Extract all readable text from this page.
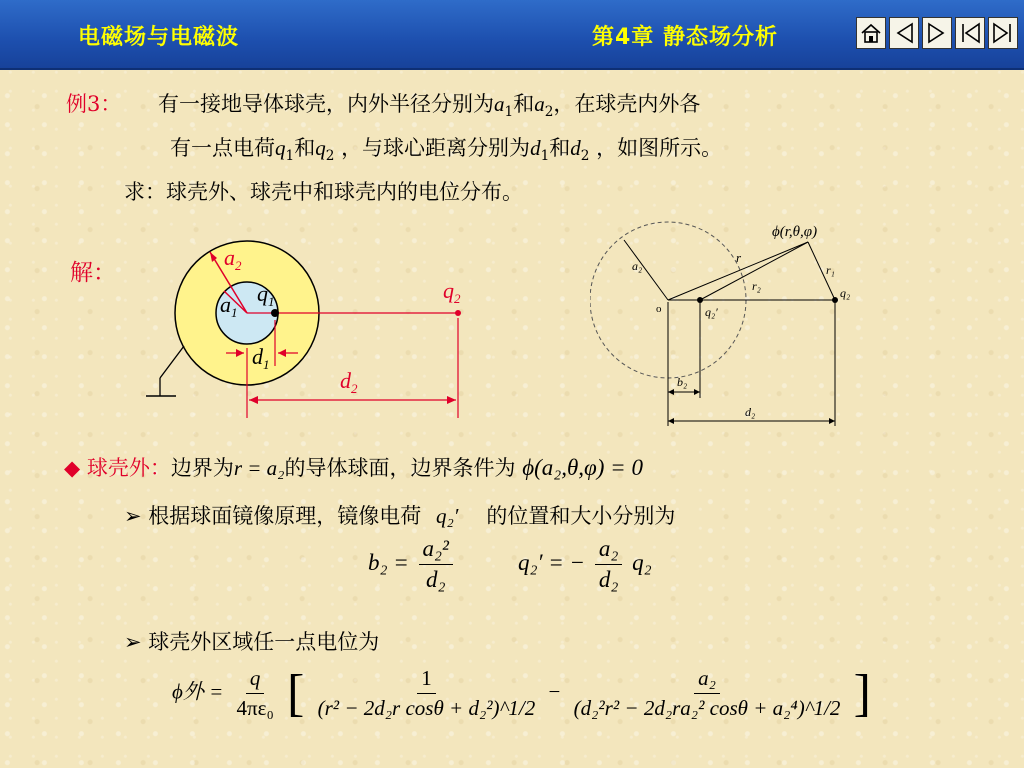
电磁场与电磁波	第4章 静态场分析
例3： 有一接地导体球壳，内外半径分别为$a_1$和$a_2$，在球壳内外各
有一点电荷$q_1$和$q_2$ ，与球心距离分别为$d_1$和$d_2$ ，如图所示。
求：球壳外、球壳中和球壳内的电位分布。
解：
$a_2$
$a_1$
$q_1$	$q_2$
$d_1$
$d_2$
ϕ(r,θ,φ)
a₂
r
r₁
r₂
o
q₂
q₂′
b₂
d₂
◆ 球壳外：边界为r = a₂的导体球面，边界条件为 ϕ(a₂,θ,φ) = 0
➢ 根据球面镜像原理，镜像电荷 q₂′ 的位置和大小分别为
$b_2 = \frac{\text{a₂²}}{\text{d₂}}$	q₂′ = − $\frac{\text{a₂}}{\text{d₂}} q_2$
➢ 球壳外区域任一点电位为
ϕ外 = $\frac{q}{\text{4πε₀}}$ [ $\frac{1}{\text{(r² − 2d₂r cosθ + d₂²)\textasciicircum{}1/2}} - \frac{\text{a₂}}{\text{(d₂²r² − 2d₂ra₂² cosθ + a₂⁴)\textasciicircum{}1/2}}$ ]
